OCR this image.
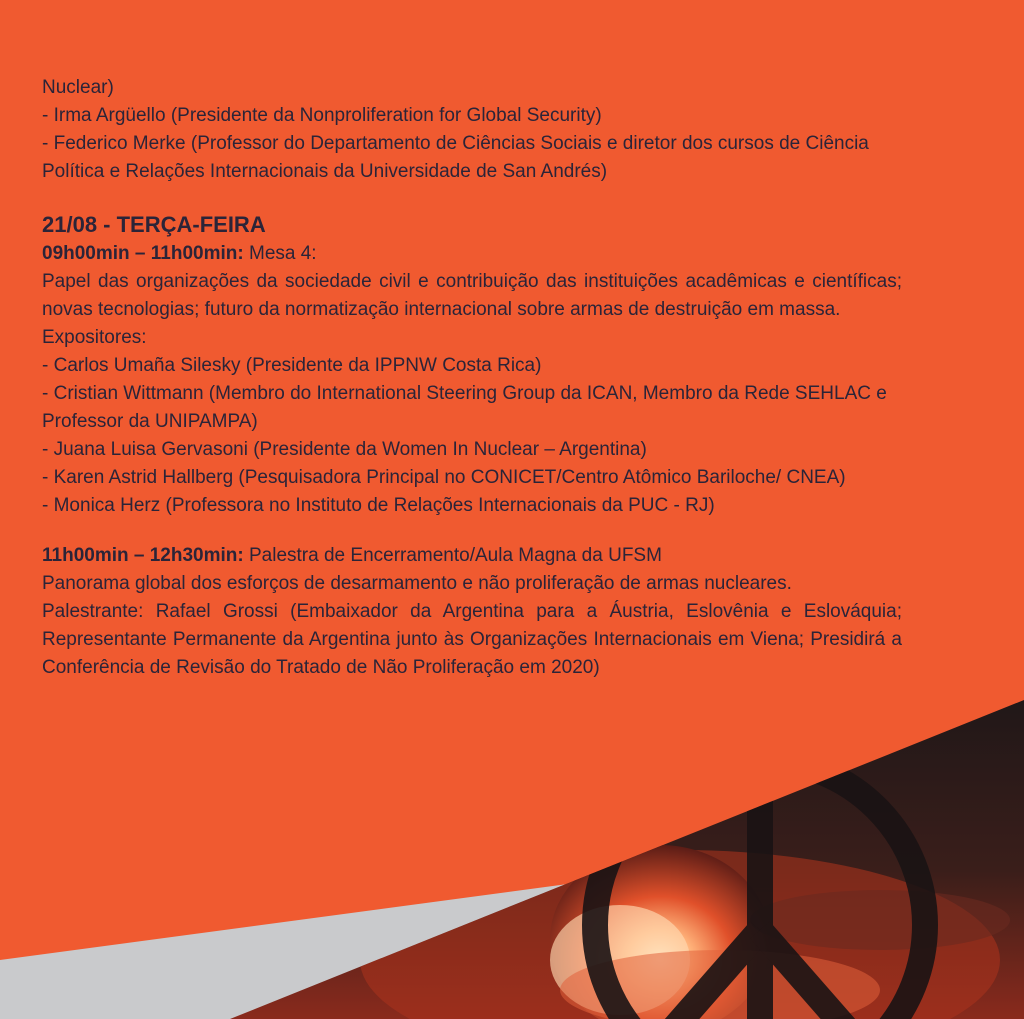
Nuclear)

- Irma Argüello (Presidente da Nonproliferation for Global Security)

- Federico Merke (Professor do Departamento de Ciências Sociais e diretor dos cursos de Ciência Política e Relações Internacionais da Universidade de San Andrés)

21/08 - TERÇA-FEIRA

09h00min – 11h00min: Mesa 4:

Papel das organizações da sociedade civil e contribuição das instituições acadêmicas e científicas; novas tecnologias; futuro da normatização internacional sobre armas de destruição em massa.

Expositores:

- Carlos Umaña Silesky (Presidente da IPPNW Costa Rica)

- Cristian Wittmann (Membro do International Steering Group da ICAN, Membro da Rede SEHLAC e Professor da UNIPAMPA)

- Juana Luisa Gervasoni (Presidente da Women In Nuclear – Argentina)

- Karen Astrid Hallberg (Pesquisadora Principal no CONICET/Centro Atômico Bariloche/ CNEA)

- Monica Herz (Professora no Instituto de Relações Internacionais da PUC - RJ)

11h00min – 12h30min: Palestra de Encerramento/Aula Magna da UFSM

Panorama global dos esforços de desarmamento e não proliferação de armas nucleares.

Palestrante: Rafael Grossi (Embaixador da Argentina para a Áustria, Eslovênia e Eslováquia; Representante Permanente da Argentina junto às Organizações Internacionais em Viena; Presidirá a Conferência de Revisão do Tratado de Não Proliferação em 2020)
